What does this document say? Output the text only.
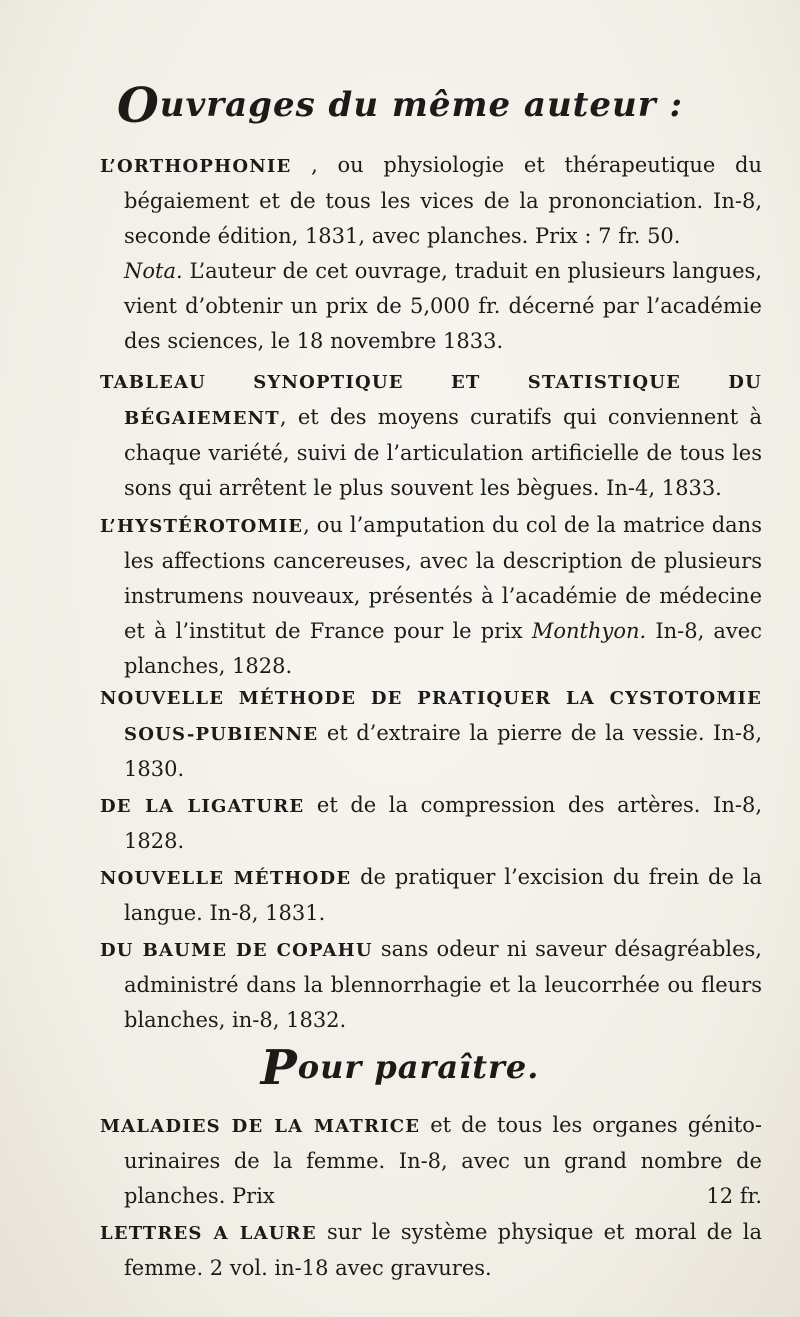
Ouvrages du même auteur :
L’ORTHOPHONIE , ou physiologie et thérapeutique du bégaiement et de tous les vices de la prononciation. In-8, seconde édition, 1831, avec planches. Prix : 7 fr. 50.
Nota. L’auteur de cet ouvrage, traduit en plusieurs langues, vient d’obtenir un prix de 5,000 fr. décerné par l’académie des sciences, le 18 novembre 1833.
TABLEAU SYNOPTIQUE ET STATISTIQUE DU BÉGAIEMENT, et des moyens curatifs qui conviennent à chaque variété, suivi de l’articulation artificielle de tous les sons qui arrêtent le plus souvent les bègues. In-4, 1833.
L’HYSTÉROTOMIE, ou l’amputation du col de la matrice dans les affections cancereuses, avec la description de plusieurs instrumens nouveaux, présentés à l’académie de médecine et à l’institut de France pour le prix Monthyon. In-8, avec planches, 1828.
NOUVELLE MÉTHODE DE PRATIQUER LA CYSTOTOMIE SOUS-PUBIENNE et d’extraire la pierre de la vessie. In-8, 1830.
DE LA LIGATURE et de la compression des artères. In-8, 1828.
NOUVELLE MÉTHODE de pratiquer l’excision du frein de la langue. In-8, 1831.
DU BAUME DE COPAHU sans odeur ni saveur désagréables, administré dans la blennorrhagie et la leucorrhée ou fleurs blanches, in-8, 1832.
Pour paraître.
MALADIES DE LA MATRICE et de tous les organes génito-urinaires de la femme. In-8, avec un grand nombre de planches. Prix	12 fr.
LETTRES A LAURE sur le système physique et moral de la femme. 2 vol. in-18 avec gravures.
